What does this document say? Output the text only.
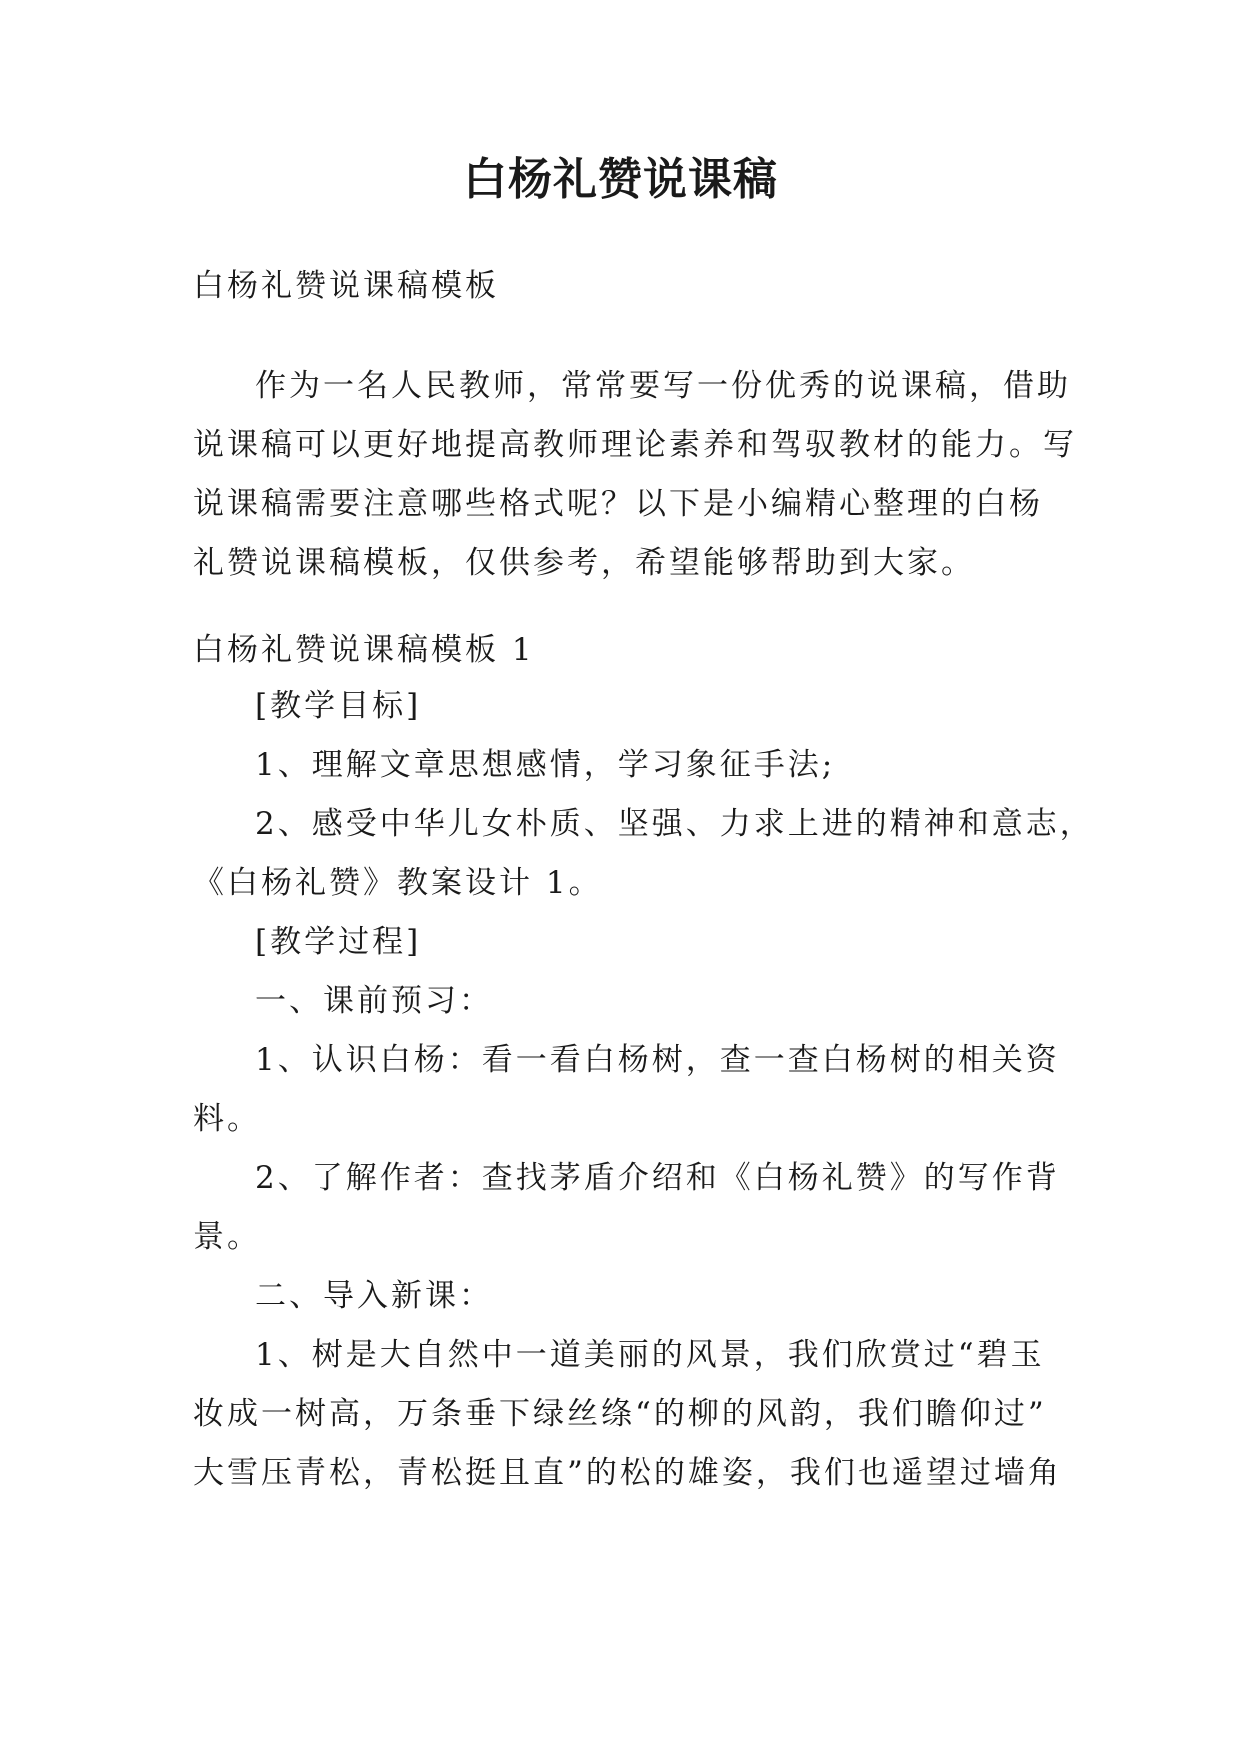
白杨礼赞说课稿

白杨礼赞说课稿模板

作为一名人民教师，常常要写一份优秀的说课稿，借助
说课稿可以更好地提高教师理论素养和驾驭教材的能力。写
说课稿需要注意哪些格式呢？以下是小编精心整理的白杨
礼赞说课稿模板，仅供参考，希望能够帮助到大家。

白杨礼赞说课稿模板 1

[教学目标]
1、理解文章思想感情，学习象征手法;
2、感受中华儿女朴质、坚强、力求上进的精神和意志，
《白杨礼赞》教案设计 1。
[教学过程]
一、课前预习：
1、认识白杨：看一看白杨树，查一查白杨树的相关资
料。
2、了解作者：查找茅盾介绍和《白杨礼赞》的写作背
景。
二、导入新课：
1、树是大自然中一道美丽的风景，我们欣赏过“碧玉
妆成一树高，万条垂下绿丝绦“的柳的风韵，我们瞻仰过”
大雪压青松，青松挺且直”的松的雄姿，我们也遥望过墙角
